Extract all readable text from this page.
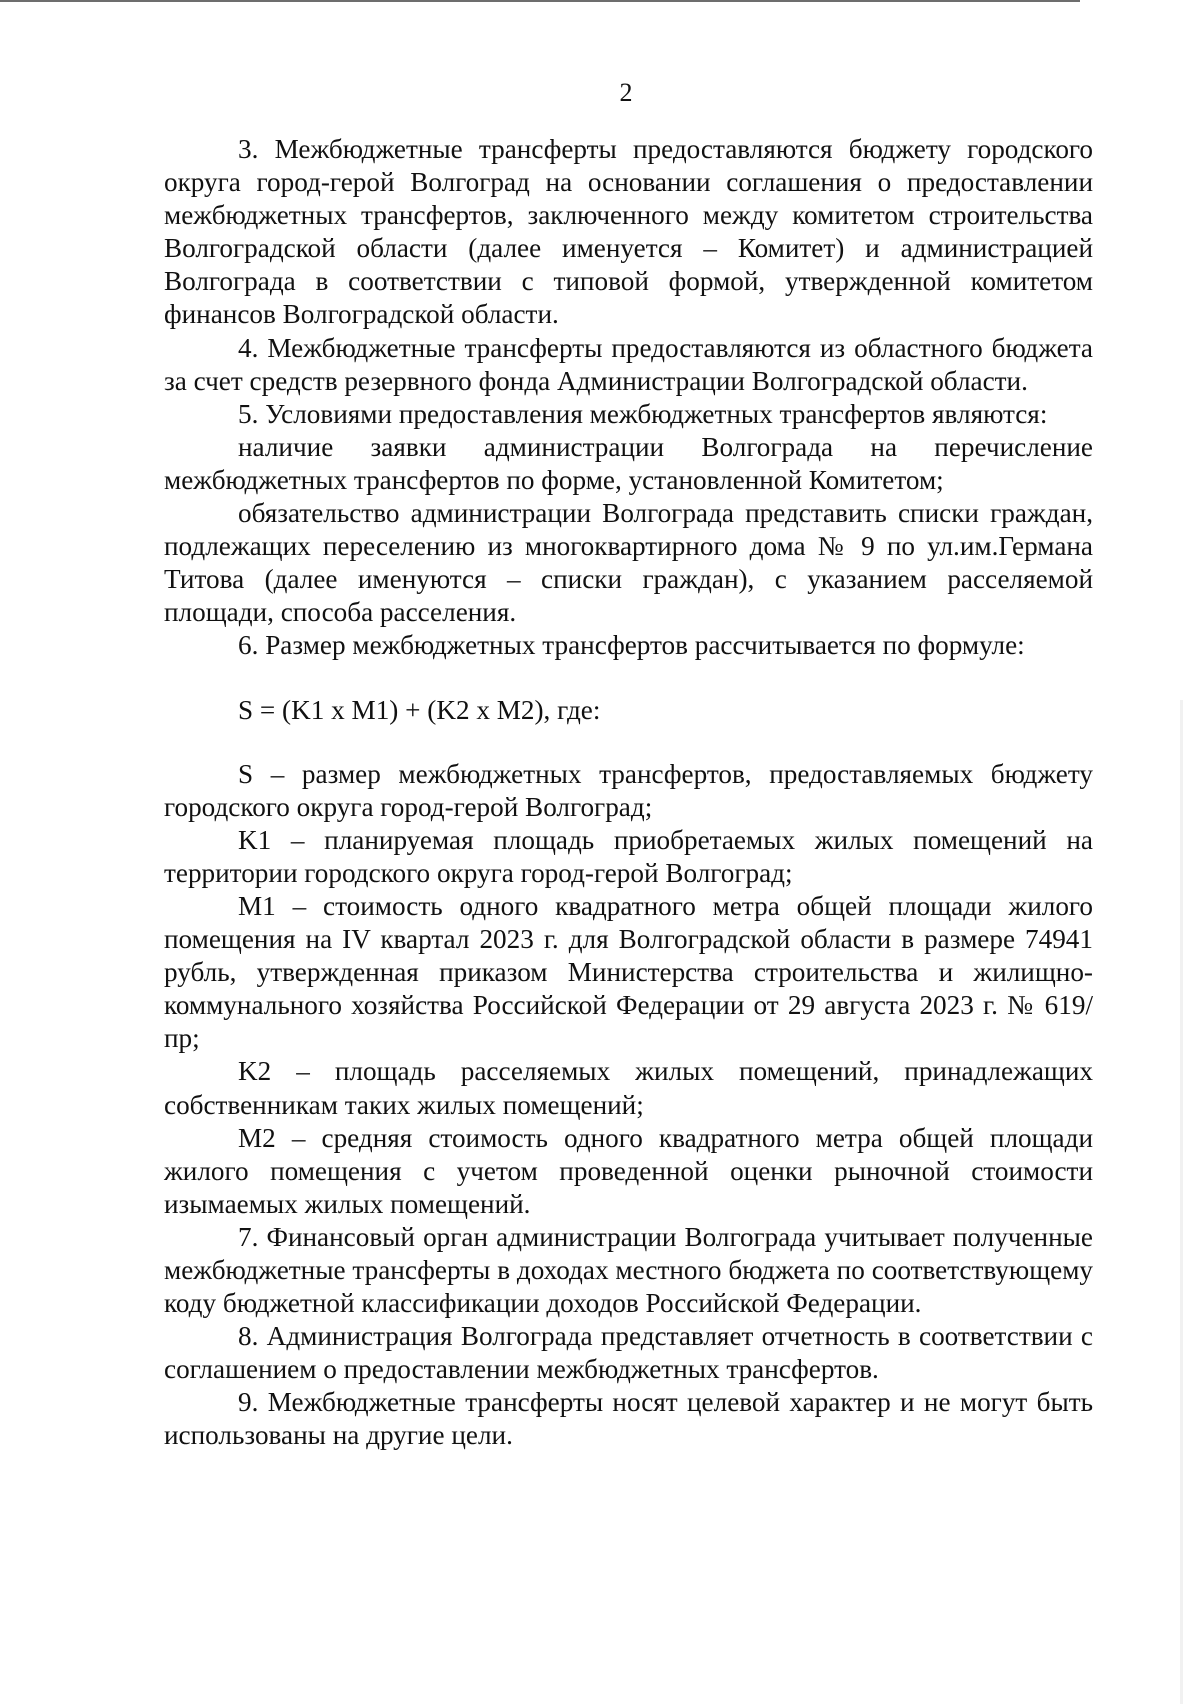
2

3. Межбюджетные трансферты предоставляются бюджету городского округа город-герой Волгоград на основании соглашения о предоставлении межбюджетных трансфертов, заключенного между комитетом строительства Волгоградской области (далее именуется – Комитет) и администрацией Волгограда в соответствии с типовой формой, утвержденной комитетом финансов Волгоградской области.

4. Межбюджетные трансферты предоставляются из областного бюджета за счет средств резервного фонда Администрации Волгоградской области.

5. Условиями предоставления межбюджетных трансфертов являются:

наличие заявки администрации Волгограда на перечисление межбюджетных трансфертов по форме, установленной Комитетом;

обязательство администрации Волгограда представить списки граждан, подлежащих переселению из многоквартирного дома № 9 по ул.им.Германа Титова (далее именуются – списки граждан), с указанием расселяемой площади, способа расселения.

6. Размер межбюджетных трансфертов рассчитывается по формуле:

S = (K1 x M1) + (K2 x M2), где:

S – размер межбюджетных трансфертов, предоставляемых бюджету городского округа город-герой Волгоград;

K1 – планируемая площадь приобретаемых жилых помещений на территории городского округа город-герой Волгоград;

M1 – стоимость одного квадратного метра общей площади жилого помещения на IV квартал 2023 г. для Волгоградской области в размере 74941 рубль, утвержденная приказом Министерства строительства и жилищно-коммунального хозяйства Российской Федерации от 29 августа 2023 г. № 619/пр;

K2 – площадь расселяемых жилых помещений, принадлежащих собственникам таких жилых помещений;

M2 – средняя стоимость одного квадратного метра общей площади жилого помещения с учетом проведенной оценки рыночной стоимости изымаемых жилых помещений.

7. Финансовый орган администрации Волгограда учитывает полученные межбюджетные трансферты в доходах местного бюджета по соответствующему коду бюджетной классификации доходов Российской Федерации.

8. Администрация Волгограда представляет отчетность в соответствии с соглашением о предоставлении межбюджетных трансфертов.

9. Межбюджетные трансферты носят целевой характер и не могут быть использованы на другие цели.
